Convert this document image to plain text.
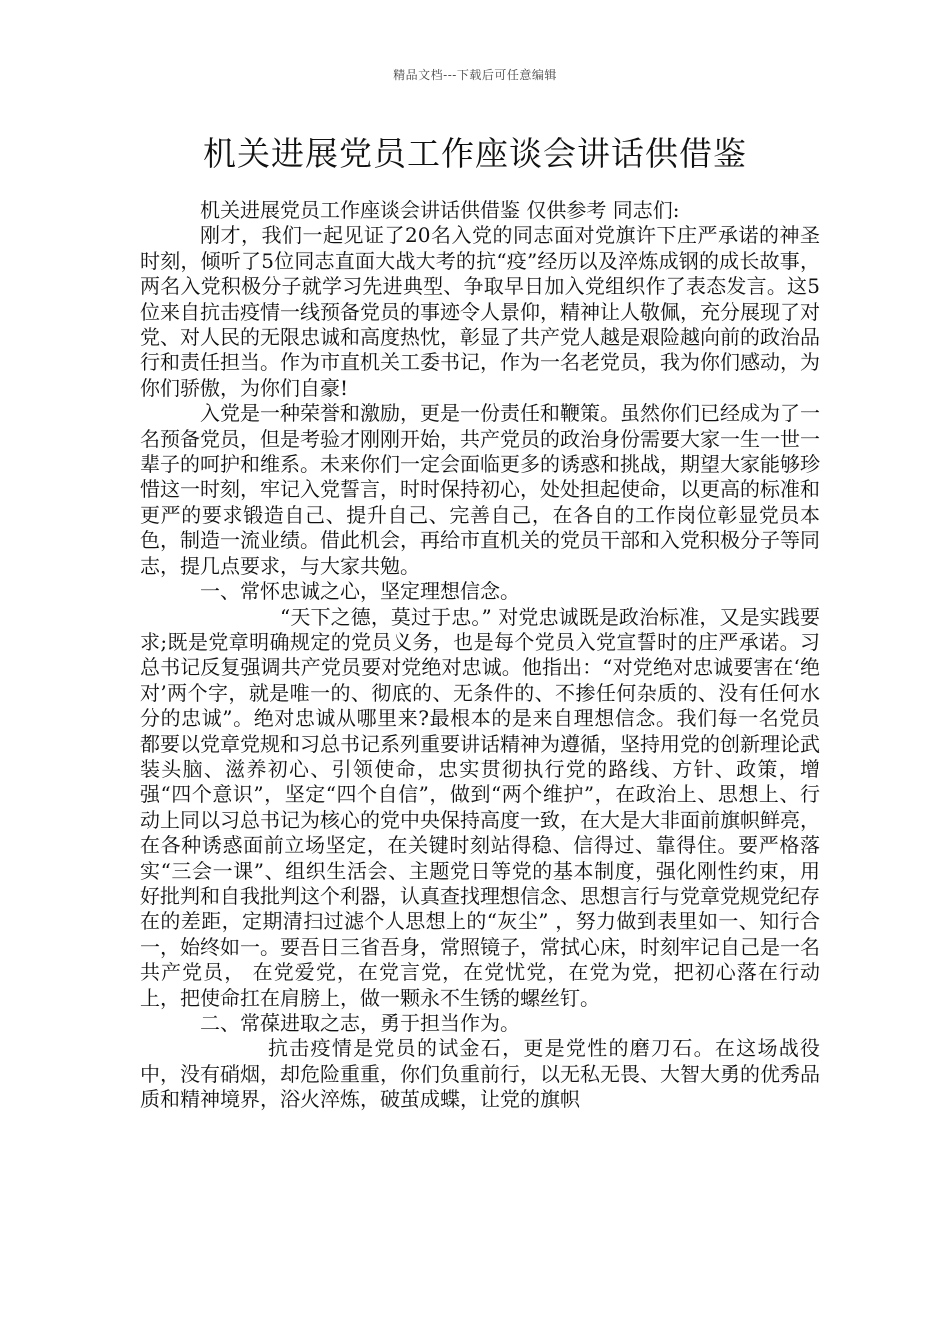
精品文档---下载后可任意编辑
机关进展党员工作座谈会讲话供借鉴

机关进展党员工作座谈会讲话供借鉴 仅供参考 同志们:

刚才，我们一起见证了20名入党的同志面对党旗许下庄严承诺的神圣时刻，倾听了5位同志直面大战大考的抗“疫”经历以及淬炼成钢的成长故事，两名入党积极分子就学习先进典型、争取早日加入党组织作了表态发言。这5 位来自抗击疫情一线预备党员的事迹令人景仰，精神让人敬佩，充分展现了对党、对人民的无限忠诚和高度热忱，彰显了共产党人越是艰险越向前的政治品行和责任担当。作为市直机关工委书记，作为一名老党员，我为你们感动，为你们骄傲，为你们自豪!

入党是一种荣誉和激励，更是一份责任和鞭策。虽然你们已经成为了一名预备党员，但是考验才刚刚开始，共产党员的政治身份需要大家一生一世一辈子的呵护和维系。未来你们一定会面临更多的诱惑和挑战，期望大家能够珍惜这一时刻，牢记入党誓言，时时保持初心，处处担起使命，以更高的标准和更严的要求锻造自己、提升自己、完善自己，在各自的工作岗位彰显党员本色，制造一流业绩。借此机会，再给市直机关的党员干部和入党积极分子等同志，提几点要求，与大家共勉。

一、常怀忠诚之心，坚定理想信念。

“天下之德，莫过于忠。” 对党忠诚既是政治标准，又是实践要求;既是党章明确规定的党员义务，也是每个党员入党宣誓时的庄严承诺。习总书记反复强调共产党员要对党绝对忠诚。他指出：“对党绝对忠诚要害在‘绝对’两个字，就是唯一的、彻底的、无条件的、不掺任何杂质的、没有任何水分的忠诚”。绝对忠诚从哪里来?最根本的是来自理想信念。我们每一名党员都要以党章党规和习总书记系列重要讲话精神为遵循，坚持用党的创新理论武装头脑、滋养初心、引领使命，忠实贯彻执行党的路线、方针、政策，增强“四个意识”，坚定“四个自信”，做到“两个维护”，在政治上、思想上、行动上同以习总书记为核心的党中央保持高度一致，在大是大非面前旗帜鲜亮，在各种诱惑面前立场坚定，在关键时刻站得稳、信得过、靠得住。要严格落实“三会一课”、组织生活会、主题党日等党的基本制度，强化刚性约束，用好批判和自我批判这个利器，认真查找理想信念、思想言行与党章党规党纪存在的差距，定期清扫过滤个人思想上的“灰尘” ，努力做到表里如一、知行合一，始终如一。要吾日三省吾身，常照镜子，常拭心床，时刻牢记自己是一名共产党员， 在党爱党，在党言党，在党忧党，在党为党，把初心落在行动上，把使命扛在肩膀上，做一颗永不生锈的螺丝钉。

二、常葆进取之志，勇于担当作为。

抗击疫情是党员的试金石，更是党性的磨刀石。在这场战役中，没有硝烟，却危险重重，你们负重前行，以无私无畏、大智大勇的优秀品质和精神境界，浴火淬炼，破茧成蝶，让党的旗帜
